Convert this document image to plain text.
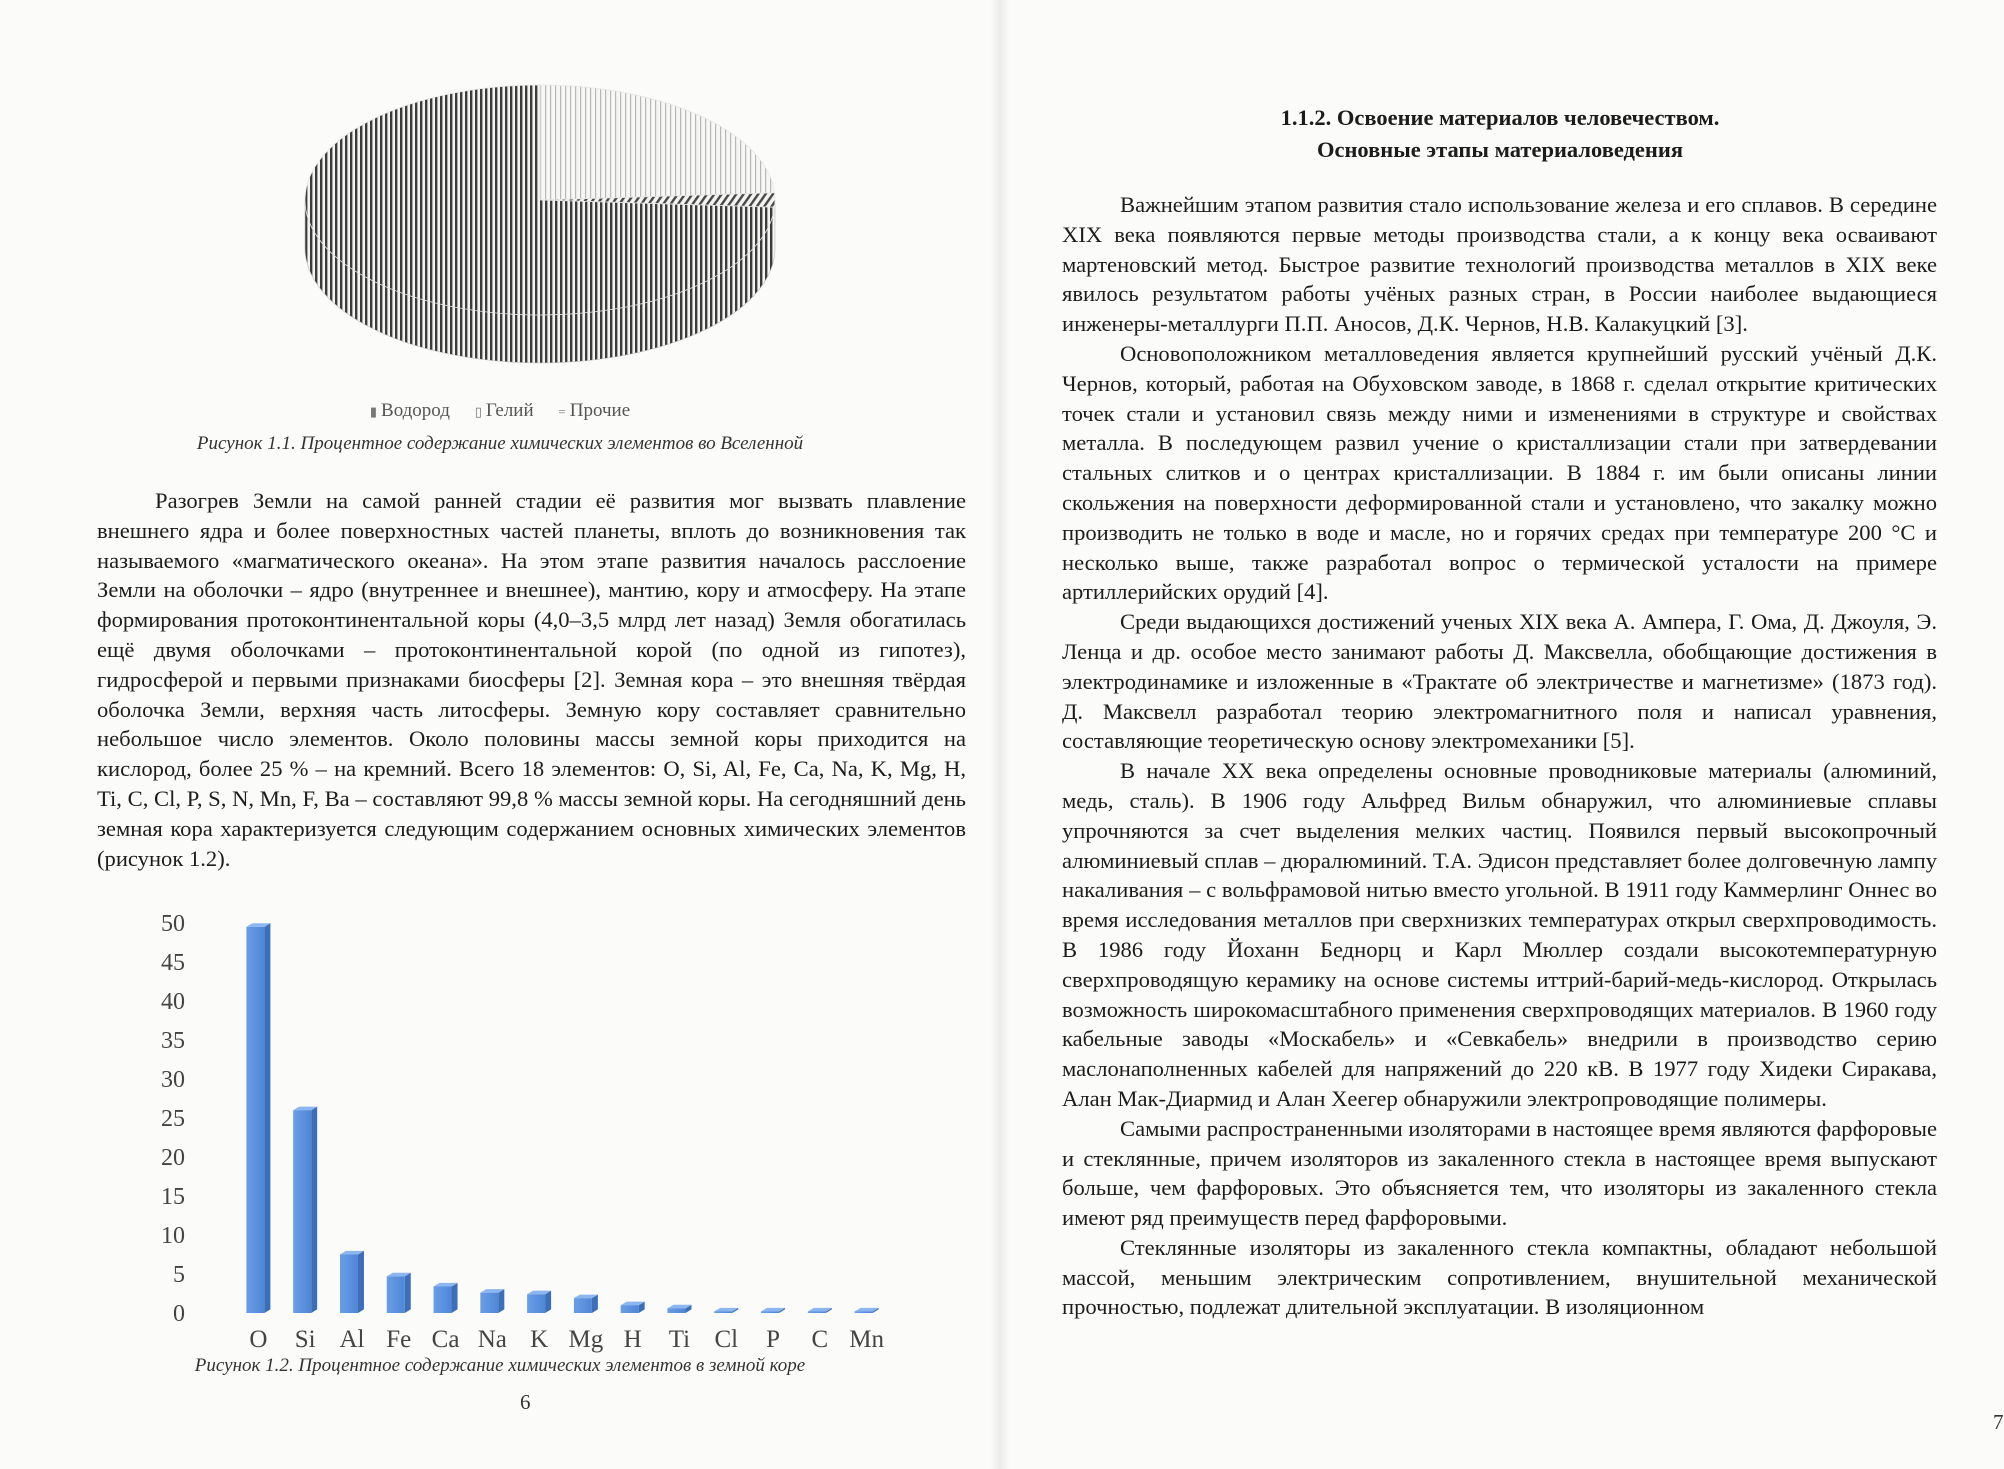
▮ Водород ▯ Гелий = Прочие
Рисунок 1.1. Процентное содержание химических элементов во Вселенной

Разогрев Земли на самой ранней стадии её развития мог вызвать плавление внешнего ядра и более поверхностных частей планеты, вплоть до возникновения так называемого «магматического океана». На этом этапе развития началось расслоение Земли на оболочки – ядро (внутреннее и внешнее), мантию, кору и атмосферу. На этапе формирования протоконтинентальной коры (4,0–3,5 млрд лет назад) Земля обогатилась ещё двумя оболочками – протоконтинентальной корой (по одной из гипотез), гидросферой и первыми признаками биосферы [2]. Земная кора – это внешняя твёрдая оболочка Земли, верхняя часть литосферы. Земную кору составляет сравнительно небольшое число элементов. Около половины массы земной коры приходится на кислород, более 25 % – на кремний. Всего 18 элементов: O, Si, Al, Fe, Ca, Na, K, Mg, H, Ti, C, Cl, P, S, N, Mn, F, Ba – составляют 99,8 % массы земной коры. На сегодняшний день земная кора характеризуется следующим содержанием основных химических элементов (рисунок 1.2).

0
5
10
15
20
25
30
35
40
45
50
O Si Al Fe Ca Na K Mg H Ti Cl P C Mn
Рисунок 1.2. Процентное содержание химических элементов в земной коре
6
1.1.2. Освоение материалов человечеством.
Основные этапы материаловедения

Важнейшим этапом развития стало использование железа и его сплавов. В середине XIX века появляются первые методы производства стали, а к концу века осваивают мартеновский метод. Быстрое развитие технологий производства металлов в XIX веке явилось результатом работы учёных разных стран, в России наиболее выдающиеся инженеры-металлурги П.П. Аносов, Д.К. Чернов, Н.В. Калакуцкий [3].

Основоположником металловедения является крупнейший русский учёный Д.К. Чернов, который, работая на Обуховском заводе, в 1868 г. сделал открытие критических точек стали и установил связь между ними и изменениями в структуре и свойствах металла. В последующем развил учение о кристаллизации стали при затвердевании стальных слитков и о центрах кристаллизации. В 1884 г. им были описаны линии скольжения на поверхности деформированной стали и установлено, что закалку можно производить не только в воде и масле, но и горячих средах при температуре 200 °С и несколько выше, также разработал вопрос о термической усталости на примере артиллерийских орудий [4].

Среди выдающихся достижений ученых XIX века А. Ампера, Г. Ома, Д. Джоуля, Э. Ленца и др. особое место занимают работы Д. Максвелла, обобщающие достижения в электродинамике и изложенные в «Трактате об электричестве и магнетизме» (1873 год). Д. Максвелл разработал теорию электромагнитного поля и написал уравнения, составляющие теоретическую основу электромеханики [5].

В начале XX века определены основные проводниковые материалы (алюминий, медь, сталь). В 1906 году Альфред Вильм обнаружил, что алюминиевые сплавы упрочняются за счет выделения мелких частиц. Появился первый высокопрочный алюминиевый сплав – дюралюминий. Т.А. Эдисон представляет более долговечную лампу накаливания – с вольфрамовой нитью вместо угольной. В 1911 году Каммерлинг Оннес во время исследования металлов при сверхнизких температурах открыл сверхпроводимость. В 1986 году Йоханн Беднорц и Карл Мюллер создали высокотемпературную сверхпроводящую керамику на основе системы иттрий-барий-медь-кислород. Открылась возможность широкомасштабного применения сверхпроводящих материалов. В 1960 году кабельные заводы «Москабель» и «Севкабель» внедрили в производство серию маслонаполненных кабелей для напряжений до 220 кВ. В 1977 году Хидеки Сиракава, Алан Мак-Диармид и Алан Хеегер обнаружили электропроводящие полимеры.

Самыми распространенными изоляторами в настоящее время являются фарфоровые и стеклянные, причем изоляторов из закаленного стекла в настоящее время выпускают больше, чем фарфоровых. Это объясняется тем, что изоляторы из закаленного стекла имеют ряд преимуществ перед фарфоровыми.

Стеклянные изоляторы из закаленного стекла компактны, обладают небольшой массой, меньшим электрическим сопротивлением, внушительной механической прочностью, подлежат длительной эксплуатации. В изоляционном

7
